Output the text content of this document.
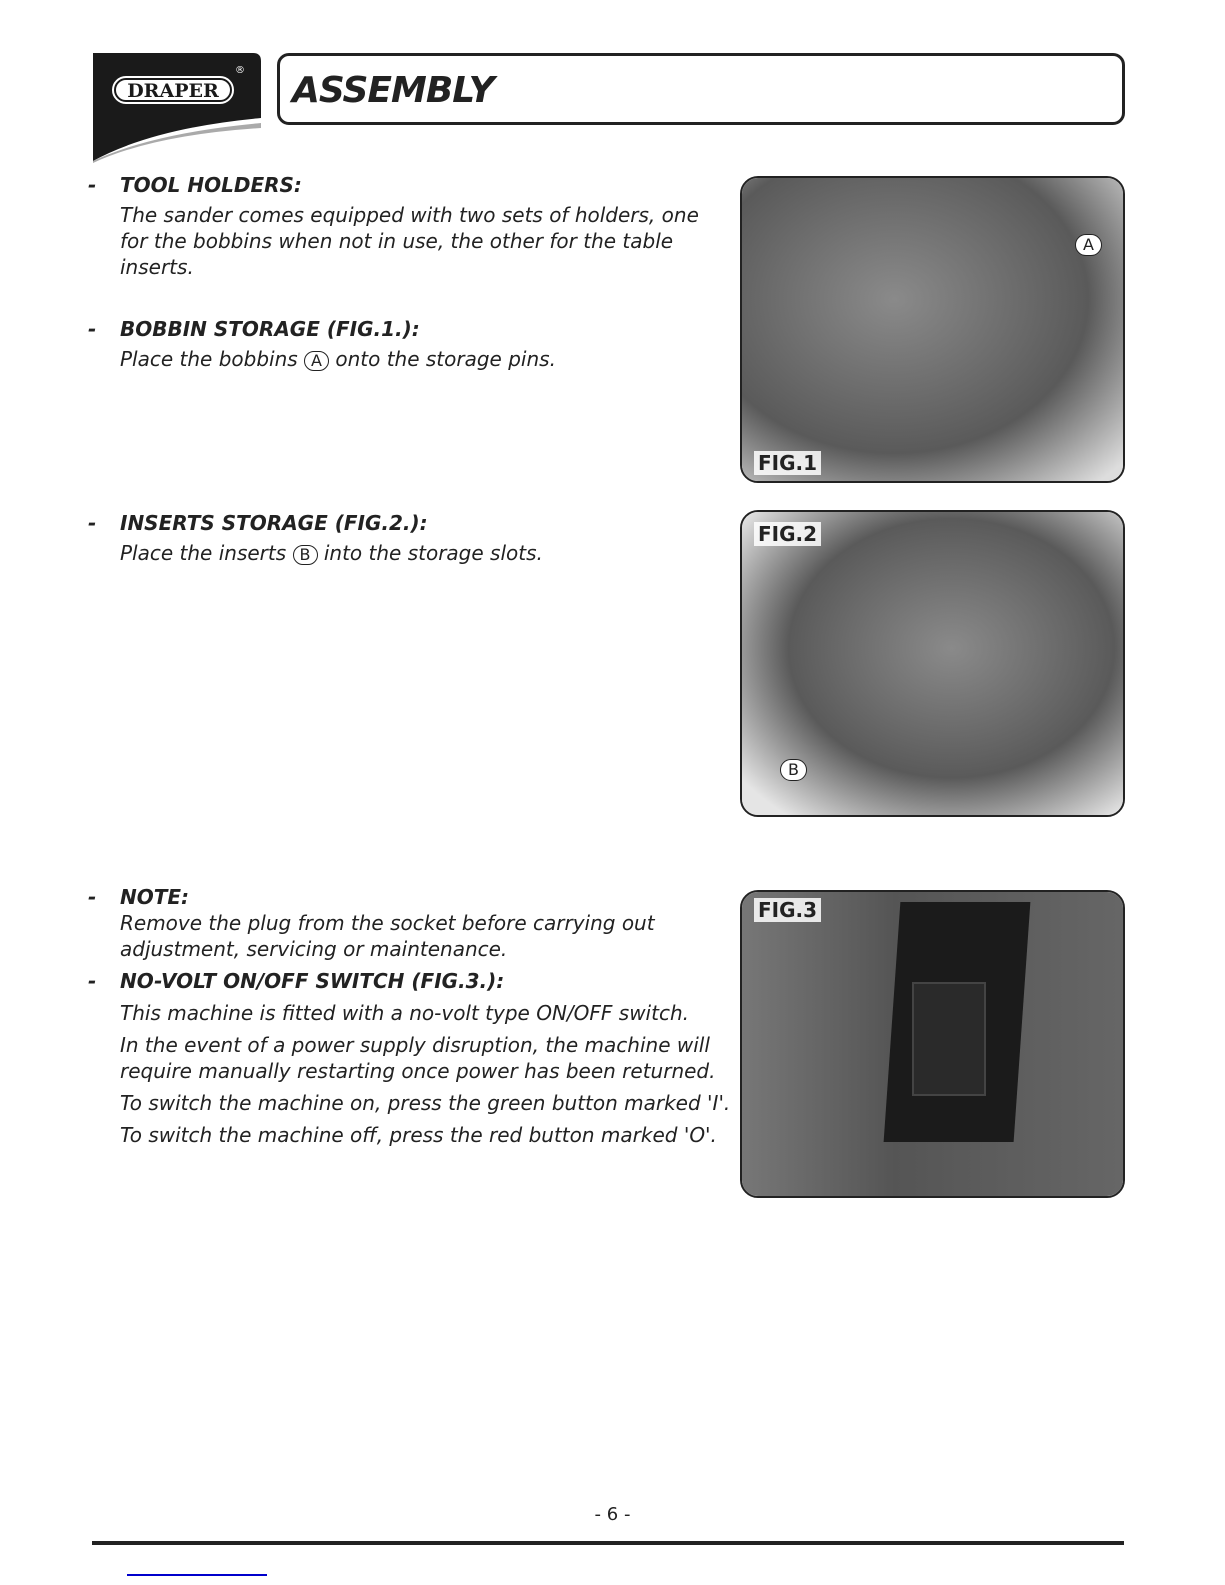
DRAPER
® ASSEMBLY
-	TOOL HOLDERS:

The sander comes equipped with two sets of holders, one for the bobbins when not in use, the other for the table inserts.

-	BOBBIN STORAGE (FIG.1.):

Place the bobbins A onto the storage pins.

-	INSERTS STORAGE (FIG.2.):

Place the inserts B into the storage slots.

-	NOTE:

Remove the plug from the socket before carrying out adjustment, servicing or maintenance.

-	NO-VOLT ON/OFF SWITCH (FIG.3.):

This machine is fitted with a no-volt type ON/OFF switch.

In the event of a power supply disruption, the machine will require manually restarting once power has been returned.

To switch the machine on, press the green button marked 'I'.

To switch the machine off, press the red button marked 'O'.

A
FIG.1
B
FIG.2
FIG.3
- 6 -
